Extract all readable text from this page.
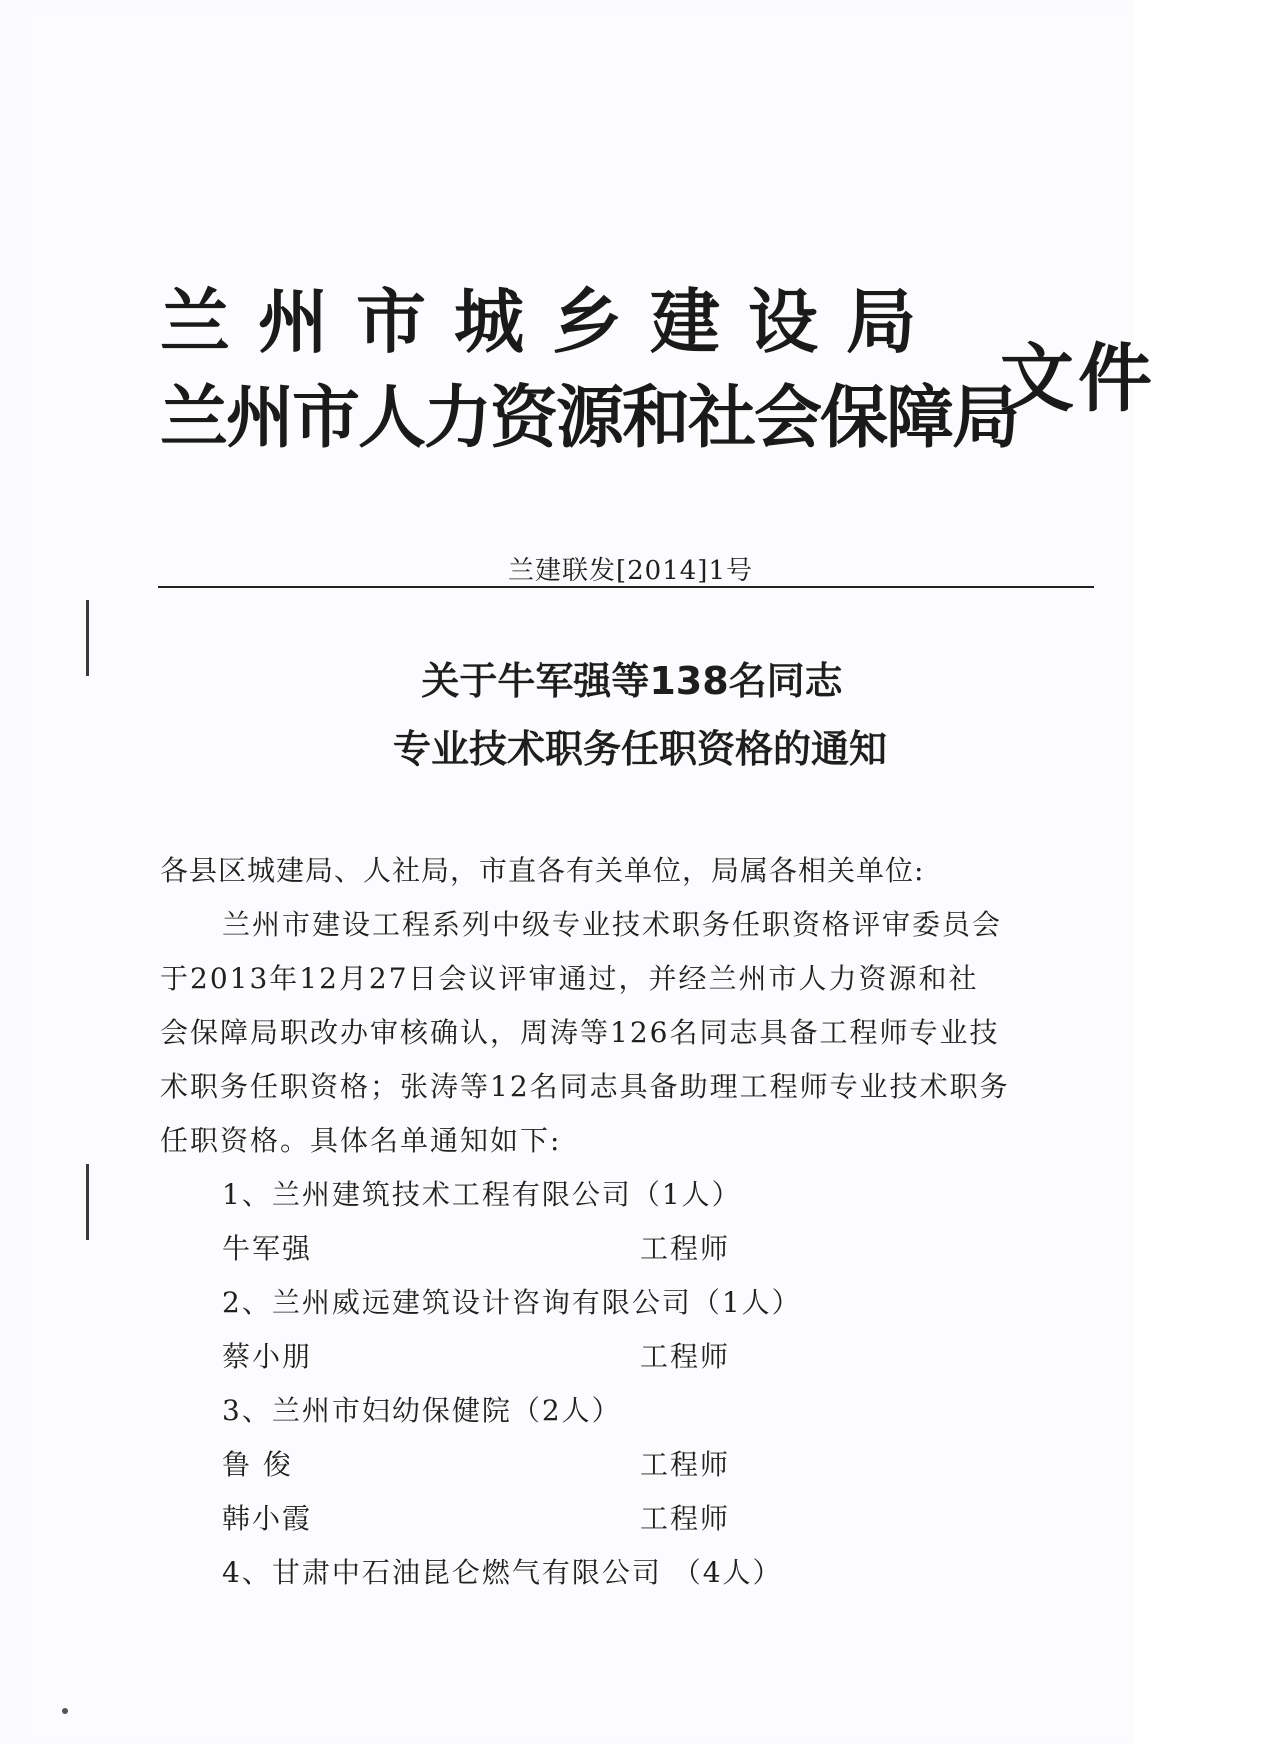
兰州市城乡建设局
兰州市人力资源和社会保障局
文件
兰建联发[2014]1号
关于牛军强等138名同志
专业技术职务任职资格的通知
各县区城建局、人社局，市直各有关单位，局属各相关单位:
兰州市建设工程系列中级专业技术职务任职资格评审委员会
于2013年12月27日会议评审通过，并经兰州市人力资源和社
会保障局职改办审核确认，周涛等126名同志具备工程师专业技
术职务任职资格；张涛等12名同志具备助理工程师专业技术职务
任职资格。具体名单通知如下:
1、兰州建筑技术工程有限公司（1人）
牛军强	工程师
2、兰州威远建筑设计咨询有限公司（1人）
蔡小朋	工程师
3、兰州市妇幼保健院（2人）
鲁 俊	工程师
韩小霞	工程师
4、甘肃中石油昆仑燃气有限公司 （4人）
